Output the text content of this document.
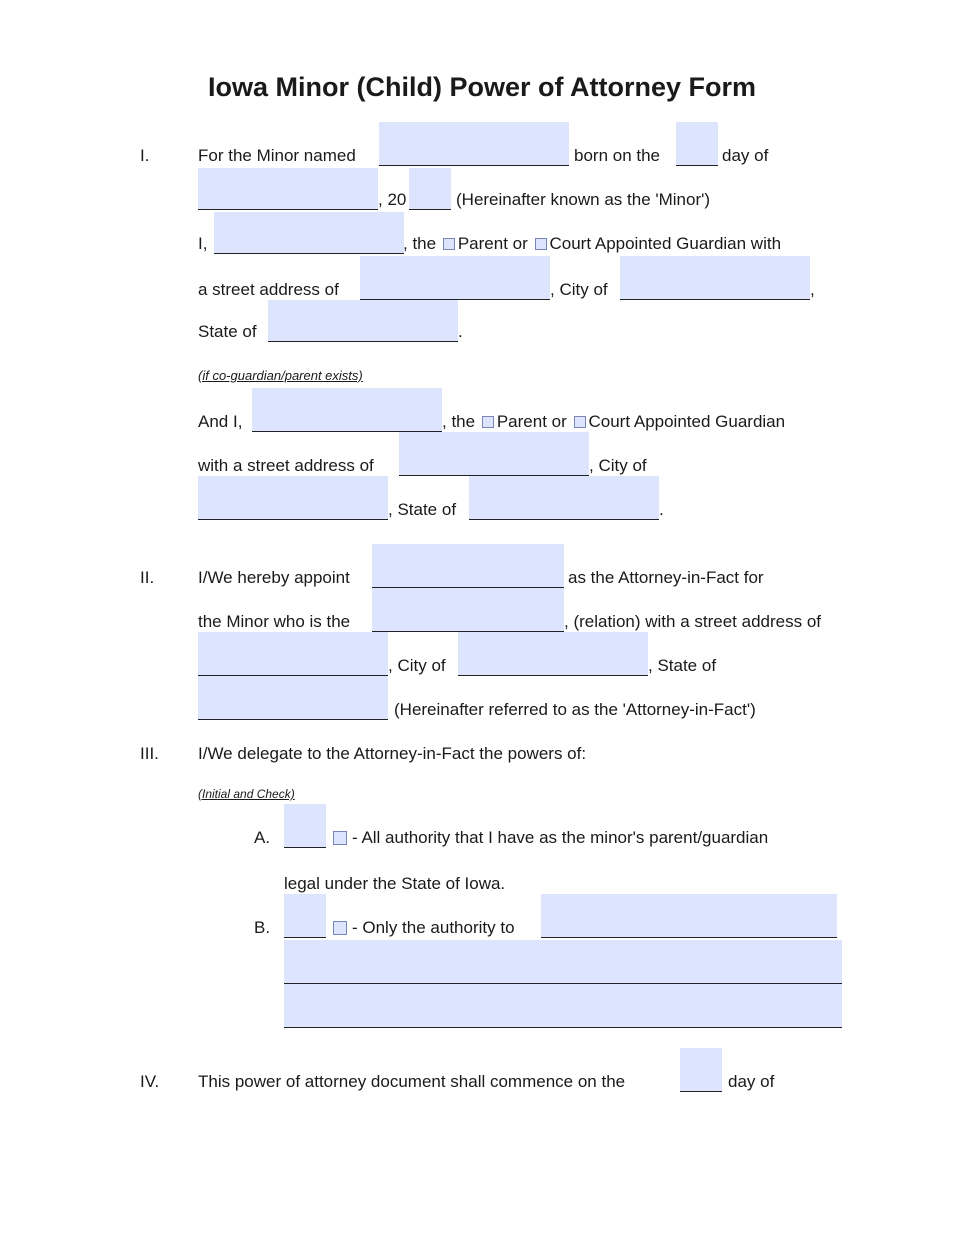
Iowa Minor (Child) Power of Attorney Form
I.	For the Minor named	born on the	day of
, 20	(Hereinafter known as the 'Minor')
I,	, the Parent or Court Appointed Guardian with
a street address of	, City of	,
State of	.
(if co-guardian/parent exists)
And I,	, the Parent or Court Appointed Guardian
with a street address of	, City of
, State of	.
II.	I/We hereby appoint	as the Attorney-in-Fact for
the Minor who is the	, (relation) with a street address of
, City of	, State of
(Hereinafter referred to as the 'Attorney-in-Fact')
III. I/We delegate to the Attorney-in-Fact the powers of:
(Initial and Check)
A.	- All authority that I have as the minor's parent/guardian
legal under the State of Iowa.
B.	- Only the authority to
IV. This power of attorney document shall commence on the	day of
